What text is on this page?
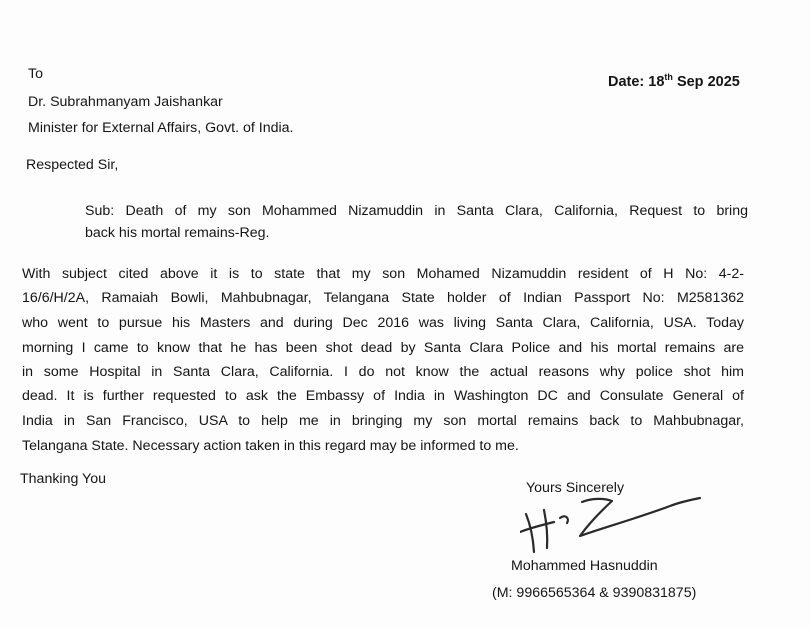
To	Date: 18th Sep 2025
Dr. Subrahmanyam Jaishankar
Minister for External Affairs, Govt. of India.
Respected Sir,
Sub: Death of my son Mohammed Nizamuddin in Santa Clara, California, Request to bring
back his mortal remains-Reg.
With subject cited above it is to state that my son Mohamed Nizamuddin resident of H No: 4-2-
16/6/H/2A, Ramaiah Bowli, Mahbubnagar, Telangana State holder of Indian Passport No: M2581362
who went to pursue his Masters and during Dec 2016 was living Santa Clara, California, USA. Today
morning I came to know that he has been shot dead by Santa Clara Police and his mortal remains are
in some Hospital in Santa Clara, California. I do not know the actual reasons why police shot him
dead. It is further requested to ask the Embassy of India in Washington DC and Consulate General of
India in San Francisco, USA to help me in bringing my son mortal remains back to Mahbubnagar,
Telangana State. Necessary action taken in this regard may be informed to me.
Thanking You
Yours Sincerely
Mohammed Hasnuddin
(M: 9966565364 & 9390831875)
